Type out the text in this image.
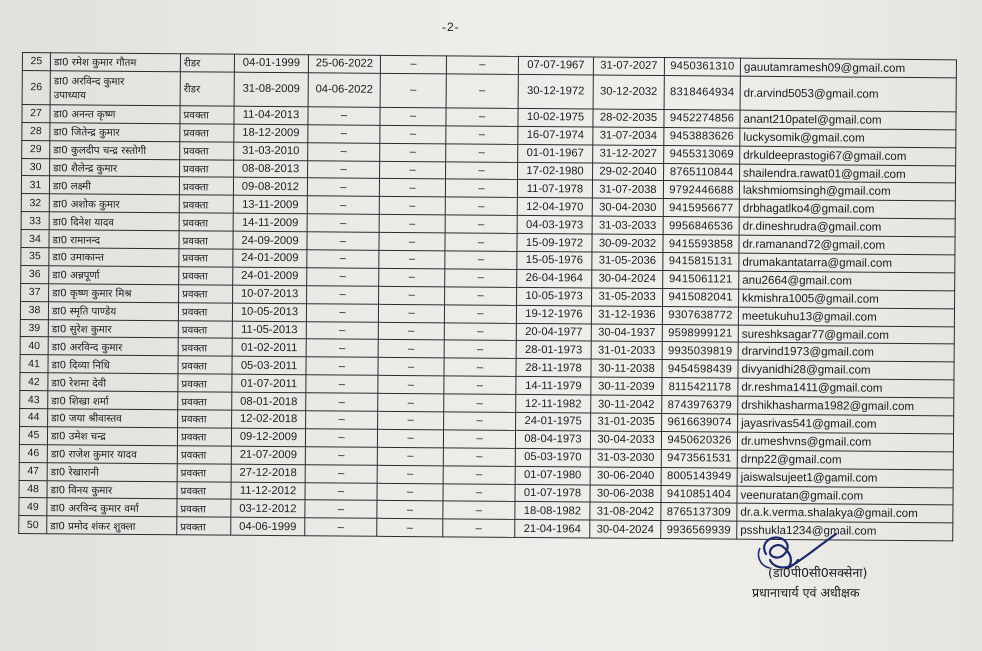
-2-
25	डा0 रमेश कुमार गौतम	रीडर	04-01-1999	25-06-2022	–	–	07-07-1967	31-07-2027	9450361310	gauutamramesh09@gmail.com
26	डा0 अरविन्द कुमार
उपाध्याय	रीडर	31-08-2009	04-06-2022	–	–	30-12-1972	30-12-2032	8318464934	dr.arvind5053@gmail.com
27	डा0 अनन्त कृष्ण	प्रवक्ता	11-04-2013	–	–	–	10-02-1975	28-02-2035	9452274856	anant210patel@gmail.com
28	डा0 जितेन्द्र कुमार	प्रवक्ता	18-12-2009	–	–	–	16-07-1974	31-07-2034	9453883626	luckysomik@gmail.com
29	डा0 कुलदीप चन्द्र रस्तोगी	प्रवक्ता	31-03-2010	–	–	–	01-01-1967	31-12-2027	9455313069	drkuldeeprastogi67@gmail.com
30	डा0 शैलेन्द्र कुमार	प्रवक्ता	08-08-2013	–	–	–	17-02-1980	29-02-2040	8765110844	shailendra.rawat01@gmail.com
31	डा0 लक्ष्मी	प्रवक्ता	09-08-2012	–	–	–	11-07-1978	31-07-2038	9792446688	lakshmiomsingh@gmail.com
32	डा0 अशोक कुमार	प्रवक्ता	13-11-2009	–	–	–	12-04-1970	30-04-2030	9415956677	drbhagatlko4@gmail.com
33	डा0 दिनेश यादव	प्रवक्ता	14-11-2009	–	–	–	04-03-1973	31-03-2033	9956846536	dr.dineshrudra@gmail.com
34	डा0 रामानन्द	प्रवक्ता	24-09-2009	–	–	–	15-09-1972	30-09-2032	9415593858	dr.ramanand72@gmail.com
35	डा0 उमाकान्त	प्रवक्ता	24-01-2009	–	–	–	15-05-1976	31-05-2036	9415815131	drumakantatarra@gmail.com
36	डा0 अन्नपूर्णा	प्रवक्ता	24-01-2009	–	–	–	26-04-1964	30-04-2024	9415061121	anu2664@gmail.com
37	डा0 कृष्ण कुमार मिश्र	प्रवक्ता	10-07-2013	–	–	–	10-05-1973	31-05-2033	9415082041	kkmishra1005@gmail.com
38	डा0 स्मृति पाण्डेय	प्रवक्ता	10-05-2013	–	–	–	19-12-1976	31-12-1936	9307638772	meetukuhu13@gmail.com
39	डा0 सुरेश कुमार	प्रवक्ता	11-05-2013	–	–	–	20-04-1977	30-04-1937	9598999121	sureshksagar77@gmail.com
40	डा0 अरविन्द कुमार	प्रवक्ता	01-02-2011	–	–	–	28-01-1973	31-01-2033	9935039819	drarvind1973@gmail.com
41	डा0 दिव्या निधि	प्रवक्ता	05-03-2011	–	–	–	28-11-1978	30-11-2038	9454598439	divyanidhi28@gmail.com
42	डा0 रेशमा देवी	प्रवक्ता	01-07-2011	–	–	–	14-11-1979	30-11-2039	8115421178	dr.reshma1411@gmail.com
43	डा0 शिखा शर्मा	प्रवक्ता	08-01-2018	–	–	–	12-11-1982	30-11-2042	8743976379	drshikhasharma1982@gmail.com
44	डा0 जया श्रीवास्तव	प्रवक्ता	12-02-2018	–	–	–	24-01-1975	31-01-2035	9616639074	jayasrivas541@gmail.com
45	डा0 उमेश चन्द्र	प्रवक्ता	09-12-2009	–	–	–	08-04-1973	30-04-2033	9450620326	dr.umeshvns@gmail.com
46	डा0 राजेश कुमार यादव	प्रवक्ता	21-07-2009	–	–	–	05-03-1970	31-03-2030	9473561531	drnp22@gmail.com
47	डा0 रेखारानी	प्रवक्ता	27-12-2018	–	–	–	01-07-1980	30-06-2040	8005143949	jaiswalsujeet1@gamil.com
48	डा0 विनय कुमार	प्रवक्ता	11-12-2012	–	–	–	01-07-1978	30-06-2038	9410851404	veenuratan@gmail.com
49	डा0 अरविन्द कुमार वर्मा	प्रवक्ता	03-12-2012	–	–	–	18-08-1982	31-08-2042	8765137309	dr.a.k.verma.shalakya@gmail.com
50	डा0 प्रमोद शंकर शुक्ला	प्रवक्ता	04-06-1999	–	–	–	21-04-1964	30-04-2024	9936569939	psshukla1234@gmail.com
(डा0पी0सी0सक्सेना)
प्रधानाचार्य एवं अधीक्षक
